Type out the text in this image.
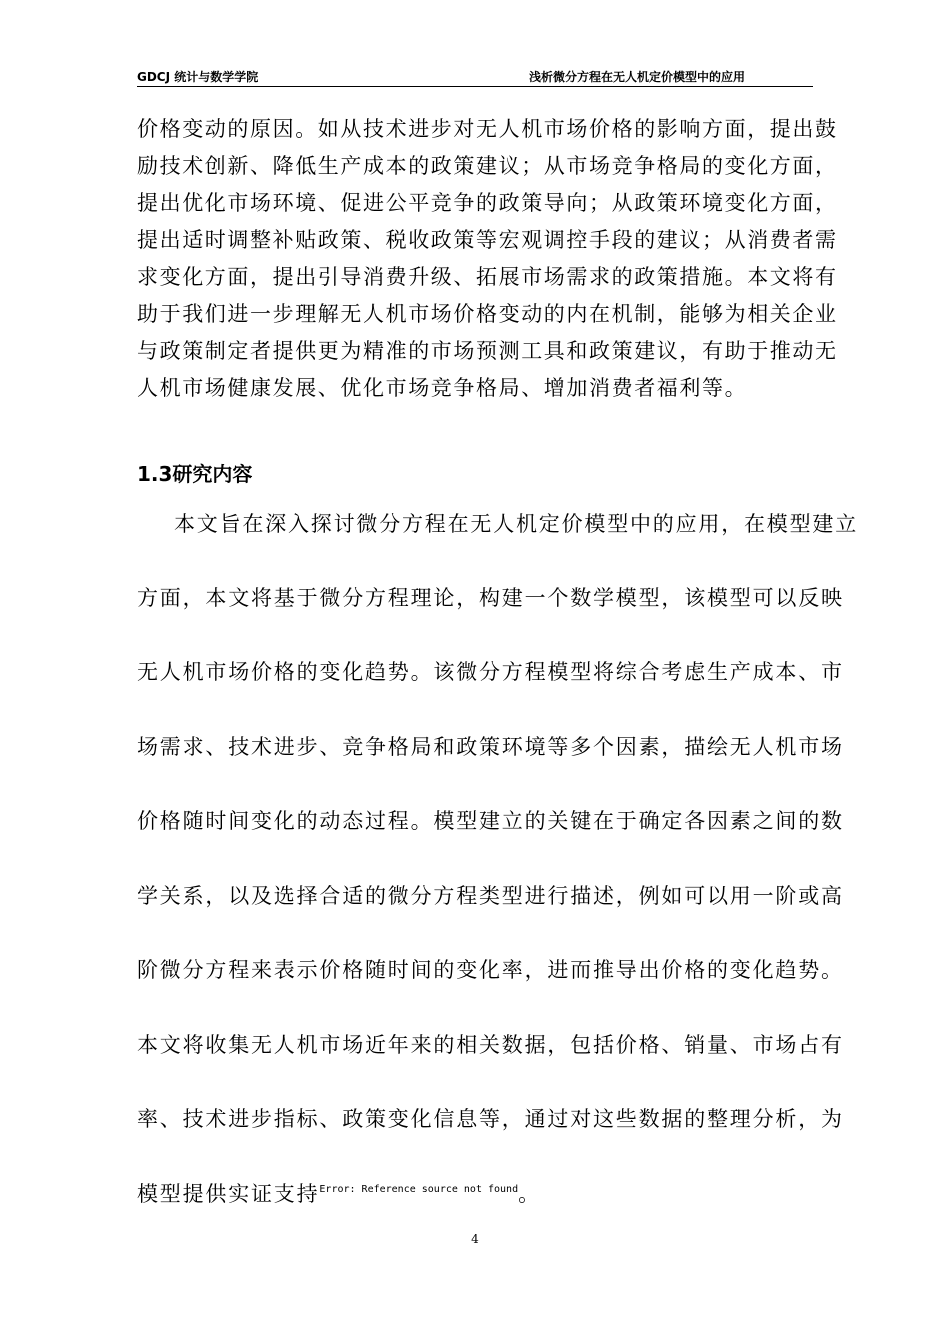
GDCJ 统计与数学学院	浅析微分方程在无人机定价模型中的应用
价格变动的原因。如从技术进步对无人机市场价格的影响方面，提出鼓
励技术创新、降低生产成本的政策建议；从市场竞争格局的变化方面，
提出优化市场环境、促进公平竞争的政策导向；从政策环境变化方面，
提出适时调整补贴政策、税收政策等宏观调控手段的建议；从消费者需
求变化方面，提出引导消费升级、拓展市场需求的政策措施。本文将有
助于我们进一步理解无人机市场价格变动的内在机制，能够为相关企业
与政策制定者提供更为精准的市场预测工具和政策建议，有助于推动无
人机市场健康发展、优化市场竞争格局、增加消费者福利等。
1.3研究内容
本文旨在深入探讨微分方程在无人机定价模型中的应用，在模型建立
方面，本文将基于微分方程理论，构建一个数学模型，该模型可以反映
无人机市场价格的变化趋势。该微分方程模型将综合考虑生产成本、市
场需求、技术进步、竞争格局和政策环境等多个因素，描绘无人机市场
价格随时间变化的动态过程。模型建立的关键在于确定各因素之间的数
学关系，以及选择合适的微分方程类型进行描述，例如可以用一阶或高
阶微分方程来表示价格随时间的变化率，进而推导出价格的变化趋势。
本文将收集无人机市场近年来的相关数据，包括价格、销量、市场占有
率、技术进步指标、政策变化信息等，通过对这些数据的整理分析，为
模型提供实证支持$^{Error: Reference source not found}$。
4
